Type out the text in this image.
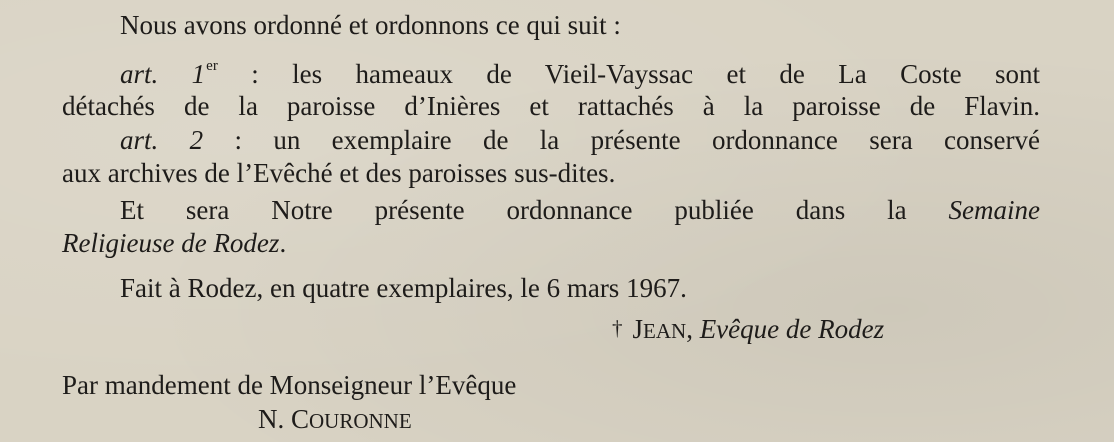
Nous avons ordonné et ordonnons ce qui suit :

art. 1er : les hameaux de Vieil-Vayssac et de La Coste sont

détachés de la paroisse d’Inières et rattachés à la paroisse de Flavin.

art. 2 : un exemplaire de la présente ordonnance sera conservé

aux archives de l’Evêché et des paroisses sus-dites.

Et sera Notre présente ordonnance publiée dans la Semaine

Religieuse de Rodez.

Fait à Rodez, en quatre exemplaires, le 6 mars 1967.

† JEAN, Evêque de Rodez

Par mandement de Monseigneur l’Evêque

N. COURONNE
